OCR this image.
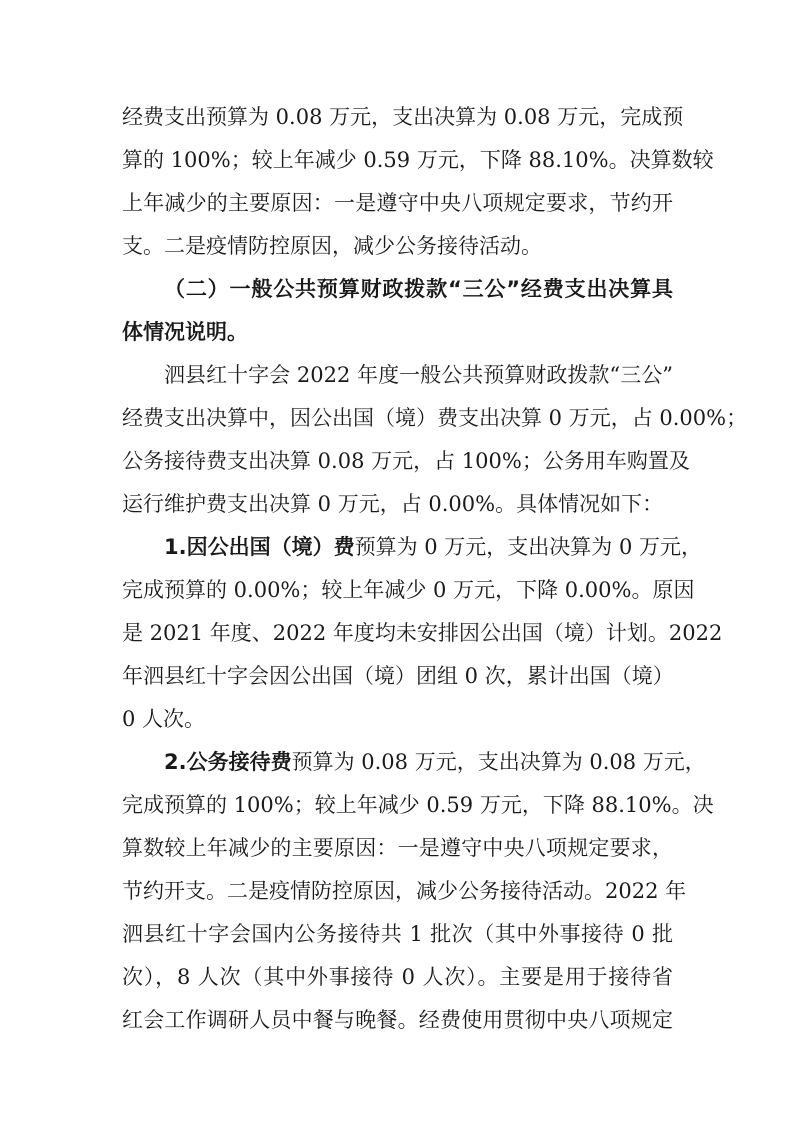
经费支出预算为 0.08 万元，支出决算为 0.08 万元，完成预
算的 100%；较上年减少 0.59 万元，下降 88.10%。决算数较
上年减少的主要原因：一是遵守中央八项规定要求，节约开
支。二是疫情防控原因，减少公务接待活动。
（二）一般公共预算财政拨款“三公”经费支出决算具
体情况说明。
泗县红十字会 2022 年度一般公共预算财政拨款“三公”
经费支出决算中，因公出国（境）费支出决算 0 万元，占 0.00%；
公务接待费支出决算 0.08 万元，占 100%；公务用车购置及
运行维护费支出决算 0 万元，占 0.00%。具体情况如下：
1.因公出国（境）费预算为 0 万元，支出决算为 0 万元，
完成预算的 0.00%；较上年减少 0 万元，下降 0.00%。原因
是 2021 年度、2022 年度均未安排因公出国（境）计划。2022
年泗县红十字会因公出国（境）团组 0 次，累计出国（境）
0 人次。
2.公务接待费预算为 0.08 万元，支出决算为 0.08 万元，
完成预算的 100%；较上年减少 0.59 万元，下降 88.10%。决
算数较上年减少的主要原因：一是遵守中央八项规定要求，
节约开支。二是疫情防控原因，减少公务接待活动。2022 年
泗县红十字会国内公务接待共 1 批次（其中外事接待 0 批
次），8 人次（其中外事接待 0 人次）。主要是用于接待省
红会工作调研人员中餐与晚餐。经费使用贯彻中央八项规定
